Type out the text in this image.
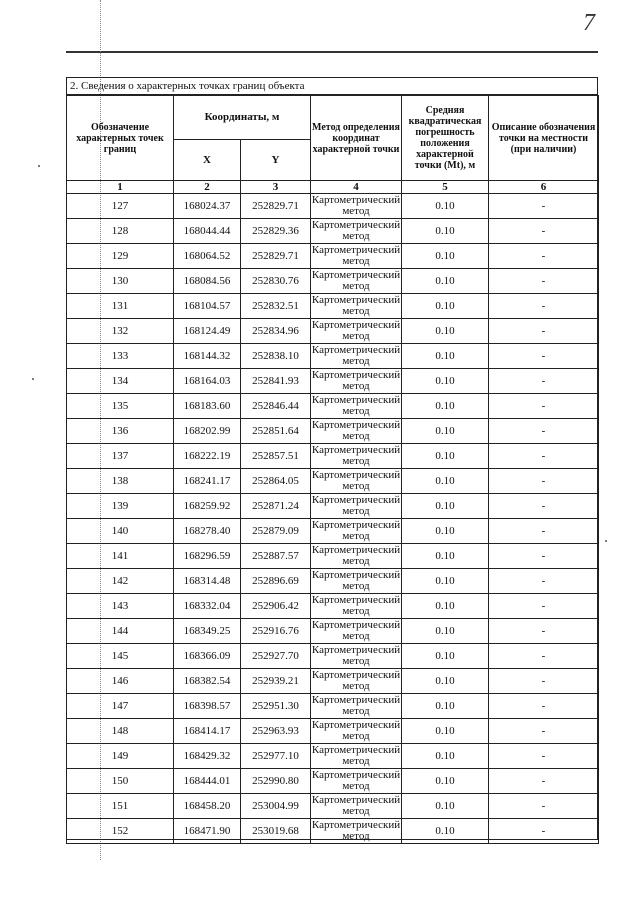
7
2. Сведения о характерных точках границ объекта
Обозначение характерных точек границ	Координаты, м		Метод определения координат характерной точки	Средняя квадратическая погрешность положения характерной точки (Mt), м	Описание обозначения точки на местности (при наличии)
	X	Y			
1	2	3	4	5	6
127	168024.37	252829.71	Картометрический метод	0.10	-
128	168044.44	252829.36	Картометрический метод	0.10	-
129	168064.52	252829.71	Картометрический метод	0.10	-
130	168084.56	252830.76	Картометрический метод	0.10	-
131	168104.57	252832.51	Картометрический метод	0.10	-
132	168124.49	252834.96	Картометрический метод	0.10	-
133	168144.32	252838.10	Картометрический метод	0.10	-
134	168164.03	252841.93	Картометрический метод	0.10	-
135	168183.60	252846.44	Картометрический метод	0.10	-
136	168202.99	252851.64	Картометрический метод	0.10	-
137	168222.19	252857.51	Картометрический метод	0.10	-
138	168241.17	252864.05	Картометрический метод	0.10	-
139	168259.92	252871.24	Картометрический метод	0.10	-
140	168278.40	252879.09	Картометрический метод	0.10	-
141	168296.59	252887.57	Картометрический метод	0.10	-
142	168314.48	252896.69	Картометрический метод	0.10	-
143	168332.04	252906.42	Картометрический метод	0.10	-
144	168349.25	252916.76	Картометрический метод	0.10	-
145	168366.09	252927.70	Картометрический метод	0.10	-
146	168382.54	252939.21	Картометрический метод	0.10	-
147	168398.57	252951.30	Картометрический метод	0.10	-
148	168414.17	252963.93	Картометрический метод	0.10	-
149	168429.32	252977.10	Картометрический метод	0.10	-
150	168444.01	252990.80	Картометрический метод	0.10	-
151	168458.20	253004.99	Картометрический метод	0.10	-
152	168471.90	253019.68	Картометрический метод	0.10	-
